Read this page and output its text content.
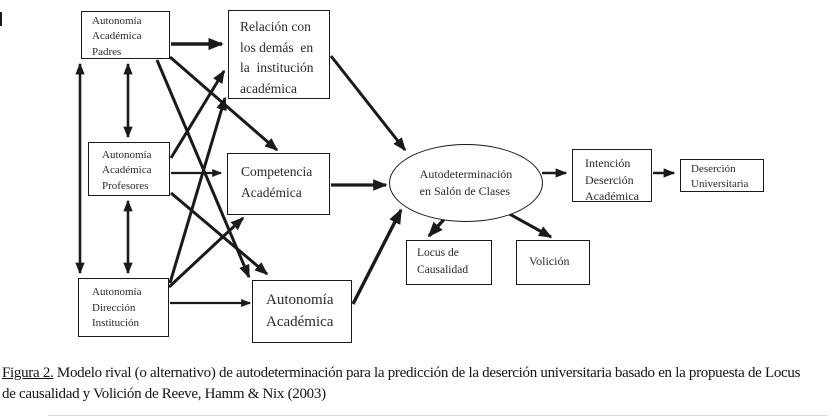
Autonomía
Académica
Padres
Autonomía
Académica
Profesores
Autonomía
Dirección
Institución
Relación con
los demás  en
la  institución
académica
Competencia
Académica
Autonomía
Académica
Autodeterminación
en Salón de Clases
Intención
Deserción
Académica
Deserción
Universitaria
Locus de
Causalidad
Volición
Figura 2. Modelo rival (o alternativo) de autodeterminación para la predicción de la deserción universitaria basado en la propuesta de Locus
de causalidad y Volición de Reeve, Hamm & Nix (2003)
